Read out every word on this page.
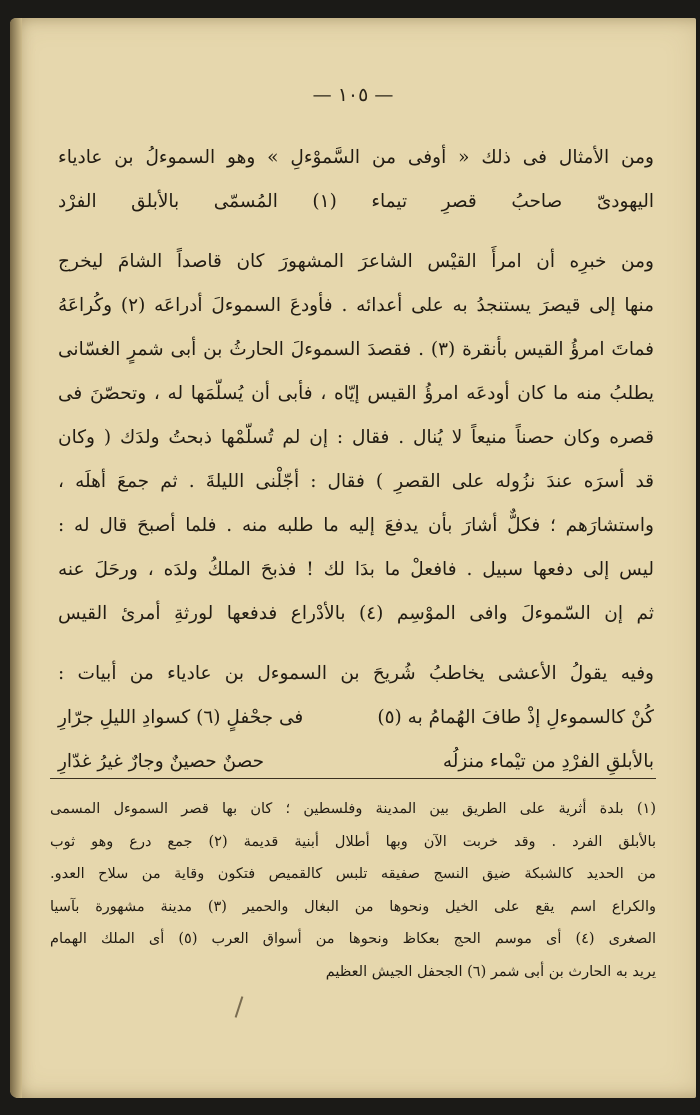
— ١٠٥ —
ومن الأمثال فى ذلك « أوفى من السَّموْءلِ » وهو السموءلُ بن عادياء
اليهودىّ صاحبُ قصرِ تيماء (١) المُسمّى بالأبلق الفرْد
ومن خبرِه أن امرأَ القيْس الشاعرَ المشهورَ كان قاصداً الشامَ ليخرج
منها إلى قيصرَ يستنجدُ به على أعدائه . فأودعَ السموءلَ أدراعَه (٢) وكُراعَهُ
فماتَ امرؤُ القيس بأنقرة (٣) . فقصدَ السموءلَ الحارثُ بن أبى شمرٍ الغسّانى
يطلبُ منه ما كان أودعَه امرؤُ القيس إيّاه ، فأبى أن يُسلّمَها له ، وتحصّنَ فى
قصره وكان حصناً منيعاً لا يُنال . فقال : إن لم تُسلّمْها ذبحتُ ولدَك ( وكان
قد أسرَه عندَ نزُوله على القصرِ ) فقال : أجّلْنى الليلةَ . ثم جمعَ أهلَه ،
واستشارَهم ؛ فكلٌّ أشارَ بأن يدفعَ إليه ما طلبه منه . فلما أصبحَ قال له :
ليس إلى دفعها سبيل . فافعلْ ما بدَا لك ! فذبحَ الملكُ ولدَه ، ورحَلَ عنه
ثم إن السّموءلَ وافى الموْسِم (٤) بالأدْراع فدفعها لورثةِ أمرئ القيس
وفيه يقولُ الأعشى يخاطبُ شُريحَ بن السموءل بن عادياء من أبيات :
كُنْ كالسموءلِ إذْ طافَ الهُمامُ به (٥)
فى جحْفلٍ (٦) كسوادِ الليلِ جرّارِ
بالأبلقِ الفرْدِ من تيْماء منزلُه
حصنٌ حصينٌ وجارٌ غيرُ غدّارِ
(١) بلدة أثرية على الطريق بين المدينة وفلسطين ؛ كان بها قصر السموءل المسمى
بالأبلق الفرد . وقد خربت الآن وبها أطلال أبنية قديمة (٢) جمع درع وهو ثوب
من الحديد كالشبكة ضيق النسج صفيقه تلبس كالقميص فتكون وقاية من سلاح العدو.
والكراع اسم يقع على الخيل ونحوها من البغال والحمير (٣) مدينة مشهورة بآسيا
الصغرى (٤) أى موسم الحج بعكاظ ونحوها من أسواق العرب (٥) أى الملك الهمام
يريد به الحارث بن أبى شمر (٦) الجحفل الجيش العظيم
